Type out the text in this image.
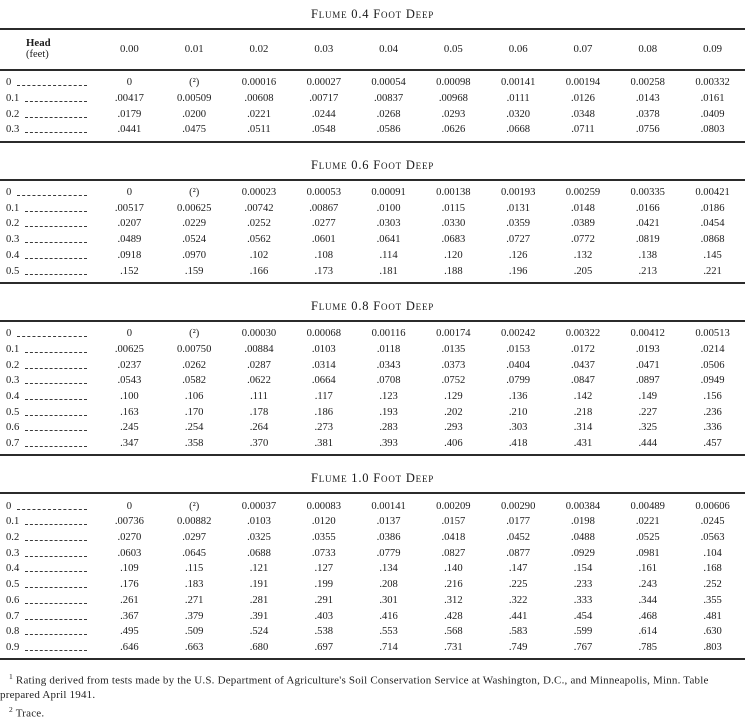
Flume 0.4 Foot Deep
Head
(feet)	0.00	0.01	0.02	0.03	0.04	0.05	0.06	0.07	0.08	0.09

0	0	(²)	0.00016	0.00027	0.00054	0.00098	0.00141	0.00194	0.00258	0.00332

0.1	.00417	0.00509	.00608	.00717	.00837	.00968	.0111	.0126	.0143	.0161

0.2	.0179	.0200	.0221	.0244	.0268	.0293	.0320	.0348	.0378	.0409

0.3	.0441	.0475	.0511	.0548	.0586	.0626	.0668	.0711	.0756	.0803
Flume 0.6 Foot Deep
0	0	(²)	0.00023	0.00053	0.00091	0.00138	0.00193	0.00259	0.00335	0.00421

0.1	.00517	0.00625	.00742	.00867	.0100	.0115	.0131	.0148	.0166	.0186

0.2	.0207	.0229	.0252	.0277	.0303	.0330	.0359	.0389	.0421	.0454

0.3	.0489	.0524	.0562	.0601	.0641	.0683	.0727	.0772	.0819	.0868

0.4	.0918	.0970	.102	.108	.114	.120	.126	.132	.138	.145

0.5	.152	.159	.166	.173	.181	.188	.196	.205	.213	.221
Flume 0.8 Foot Deep
0	0	(²)	0.00030	0.00068	0.00116	0.00174	0.00242	0.00322	0.00412	0.00513

0.1	.00625	0.00750	.00884	.0103	.0118	.0135	.0153	.0172	.0193	.0214

0.2	.0237	.0262	.0287	.0314	.0343	.0373	.0404	.0437	.0471	.0506

0.3	.0543	.0582	.0622	.0664	.0708	.0752	.0799	.0847	.0897	.0949

0.4	.100	.106	.111	.117	.123	.129	.136	.142	.149	.156

0.5	.163	.170	.178	.186	.193	.202	.210	.218	.227	.236

0.6	.245	.254	.264	.273	.283	.293	.303	.314	.325	.336

0.7	.347	.358	.370	.381	.393	.406	.418	.431	.444	.457
Flume 1.0 Foot Deep
0	0	(²)	0.00037	0.00083	0.00141	0.00209	0.00290	0.00384	0.00489	0.00606

0.1	.00736	0.00882	.0103	.0120	.0137	.0157	.0177	.0198	.0221	.0245

0.2	.0270	.0297	.0325	.0355	.0386	.0418	.0452	.0488	.0525	.0563

0.3	.0603	.0645	.0688	.0733	.0779	.0827	.0877	.0929	.0981	.104

0.4	.109	.115	.121	.127	.134	.140	.147	.154	.161	.168

0.5	.176	.183	.191	.199	.208	.216	.225	.233	.243	.252

0.6	.261	.271	.281	.291	.301	.312	.322	.333	.344	.355

0.7	.367	.379	.391	.403	.416	.428	.441	.454	.468	.481

0.8	.495	.509	.524	.538	.553	.568	.583	.599	.614	.630

0.9	.646	.663	.680	.697	.714	.731	.749	.767	.785	.803

$^1$ Rating derived from tests made by the U.S. Department of Agriculture's Soil Conservation Service at Washington, D.C., and Minneapolis, Minn. Table prepared April 1941.

$^2$ Trace.
